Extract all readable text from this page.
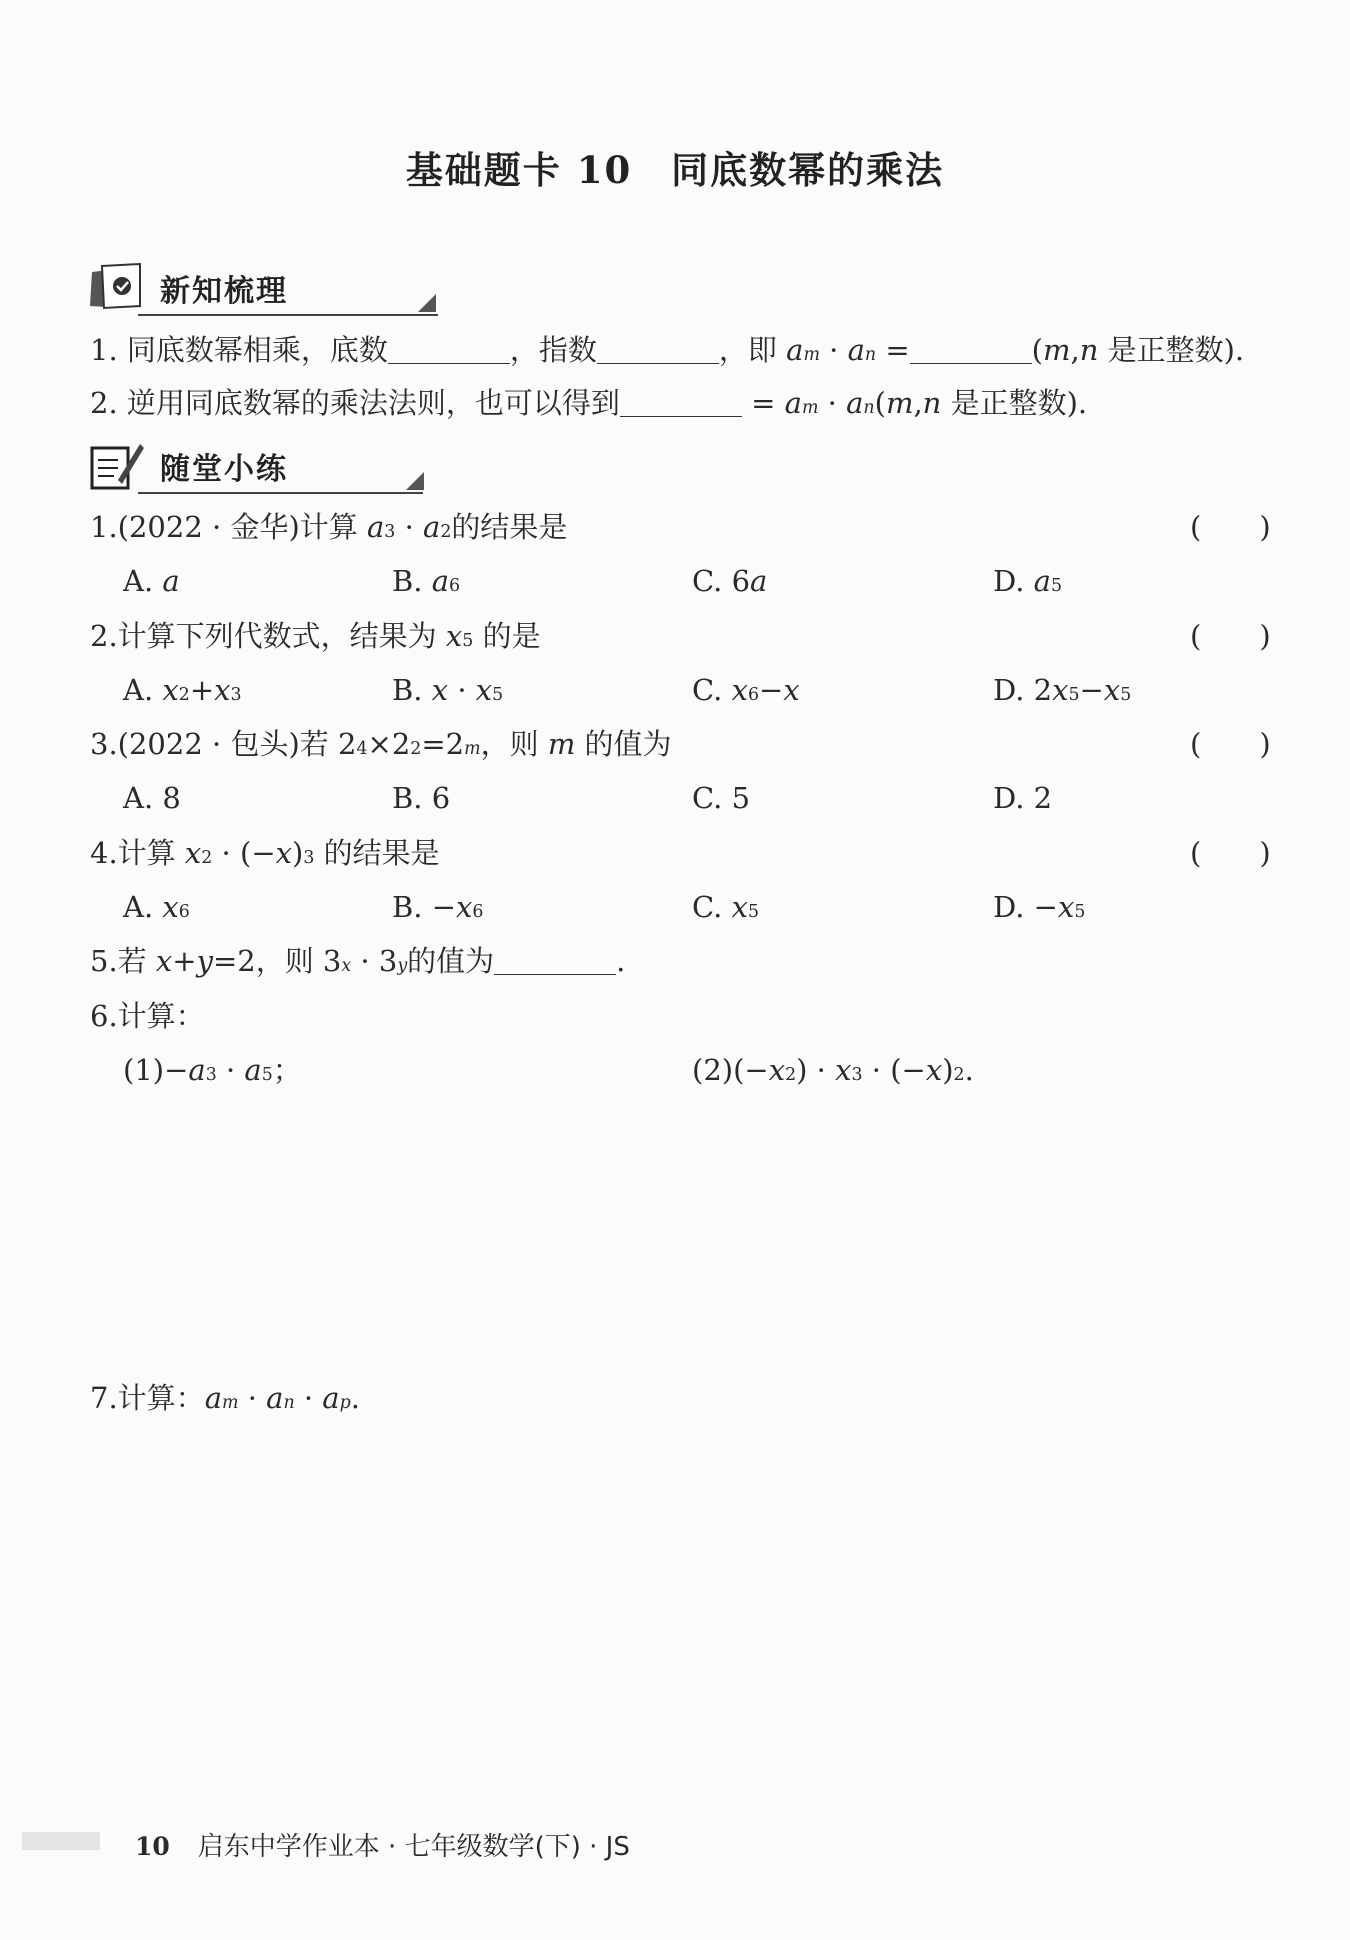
基础题卡 10　同底数幂的乘法
新知梳理
1. 同底数幂相乘，底数	，指数	，即 $a^m \cdot a^n$ =	(m,n 是正整数).
2. 逆用同底数幂的乘法法则，也可以得到	= $a^m \cdot a^n(m,n$ 是正整数).
随堂小练
1.(2022 · 金华)计算 $a^3 \cdot a^2$的结果是	(　　)
A. a	B. $a^6$	C. 6a	D. $a^5$
2.计算下列代数式，结果为 $x^5$ 的是	(　　)
A. $x^2+x^3$	B. $x \cdot x^5$	C. $x^6-x$	D. $2x^5-x^5$
3.(2022 · 包头)若 $2^4\times 2^2=2^m$，则 m 的值为	(　　)
A. 8	B. 6	C. 5	D. 2
4.计算 $x^2 \cdot (-x)^3$ 的结果是	(　　)
A. $x^6$	B. $-x^6$	C. $x^5$	D. $-x^5$
5.若 x+y=2，则 $3^x \cdot 3^y$的值为	.
6.计算：
$(1)-a^3 \cdot a^5$；	$(2)(-x^2) \cdot x^3 \cdot (-x)^2$.
7.计算：$a^m \cdot a^n \cdot a^p$.
10 启东中学作业本 · 七年级数学(下) · JS
